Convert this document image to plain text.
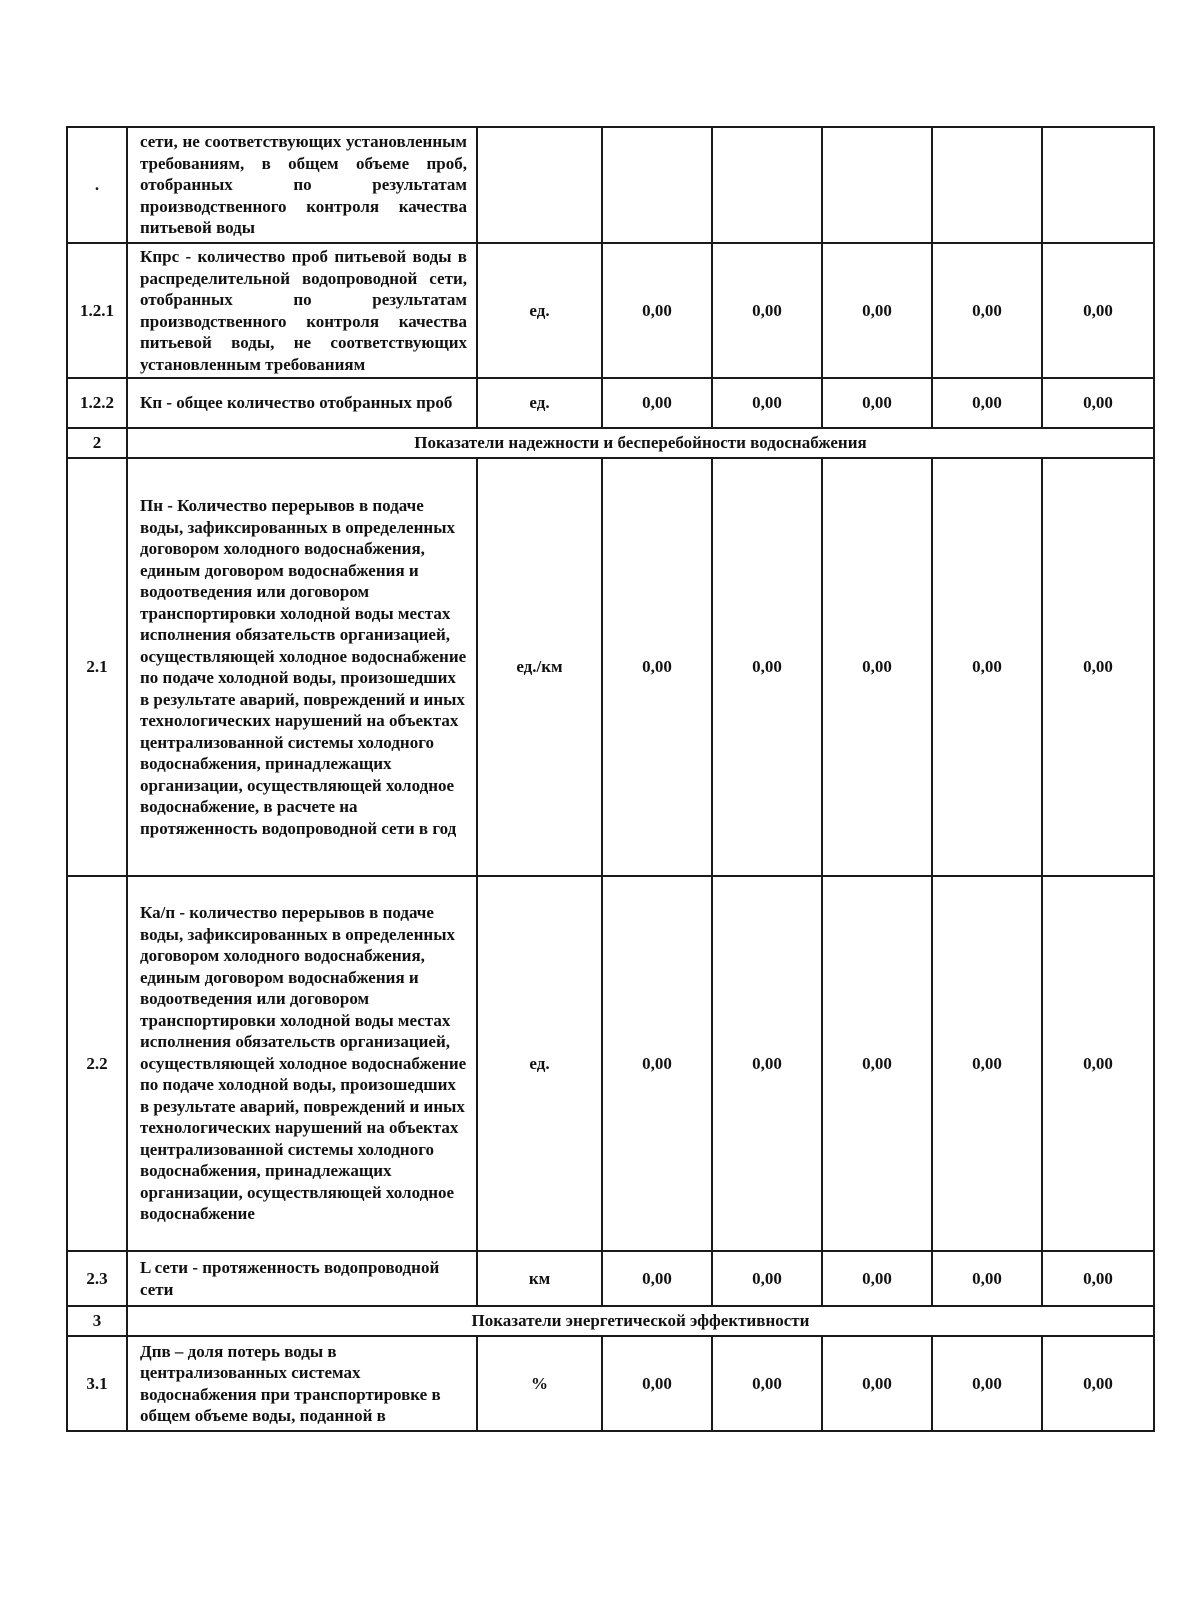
.	сети, не соответствующих установленным требованиям, в общем объеме проб, отобранных по результатам производственного контроля качества питьевой воды						
1.2.1	Кпрс - количество проб питьевой воды в распределительной водопроводной сети, отобранных по результатам производственного контроля качества питьевой воды, не соответствующих установленным требованиям	ед.	0,00	0,00	0,00	0,00	0,00
1.2.2	Кп - общее количество отобранных проб	ед.	0,00	0,00	0,00	0,00	0,00
2	Показатели надежности и бесперебойности водоснабжения						
2.1	Пн - Количество перерывов в подаче воды, зафиксированных в определенных договором холодного водоснабжения, единым договором водоснабжения и водоотведения или договором транспортировки холодной воды местах исполнения обязательств организацией, осуществляющей холодное водоснабжение по подаче холодной воды, произошедших в результате аварий, повреждений и иных технологических нарушений на объектах централизованной системы холодного водоснабжения, принадлежащих организации, осуществляющей холодное водоснабжение, в расчете на протяженность водопроводной сети в год	ед./км	0,00	0,00	0,00	0,00	0,00
2.2	Ка/п - количество перерывов в подаче воды, зафиксированных в определенных договором холодного водоснабжения, единым договором водоснабжения и водоотведения или договором транспортировки холодной воды местах исполнения обязательств организацией, осуществляющей холодное водоснабжение по подаче холодной воды, произошедших в результате аварий, повреждений и иных технологических нарушений на объектах централизованной системы холодного водоснабжения, принадлежащих организации, осуществляющей холодное водоснабжение	ед.	0,00	0,00	0,00	0,00	0,00
2.3	L сети - протяженность водопроводной сети	км	0,00	0,00	0,00	0,00	0,00
3	Показатели энергетической эффективности						
3.1	Дпв – доля потерь воды в централизованных системах водоснабжения при транспортировке в общем объеме воды, поданной в	%	0,00	0,00	0,00	0,00	0,00
